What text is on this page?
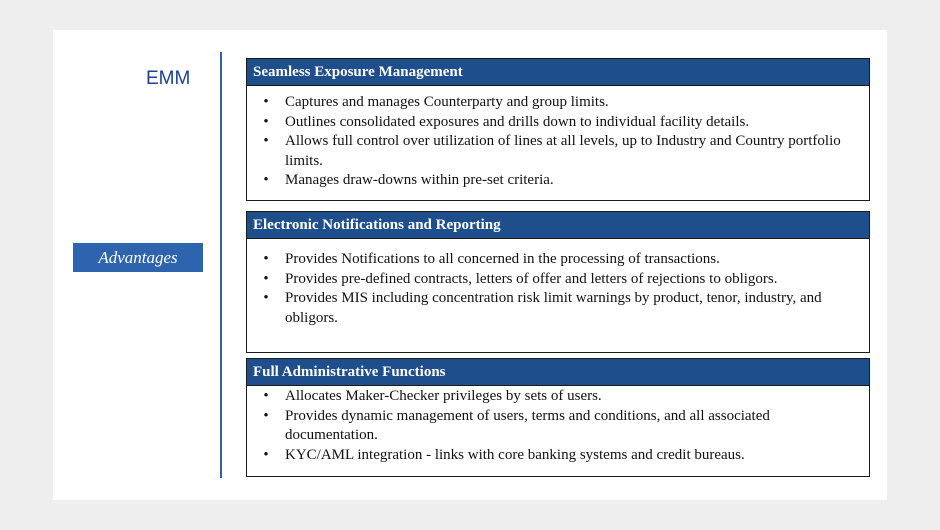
EMM
Advantages
Seamless Exposure Management
• Captures and manages Counterparty and group limits.
• Outlines consolidated exposures and drills down to individual facility details.
• Allows full control over utilization of lines at all levels, up to Industry and Country portfolio limits.
• Manages draw-downs within pre-set criteria.
Electronic Notifications and Reporting
• Provides Notifications to all concerned in the processing of transactions.
• Provides pre-defined contracts, letters of offer and letters of rejections to obligors.
• Provides MIS including concentration risk limit warnings by product, tenor, industry, and obligors.
Full Administrative Functions
• Allocates Maker-Checker privileges by sets of users.
• Provides dynamic management of users, terms and conditions, and all associated documentation.
• KYC/AML integration - links with core banking systems and credit bureaus.
